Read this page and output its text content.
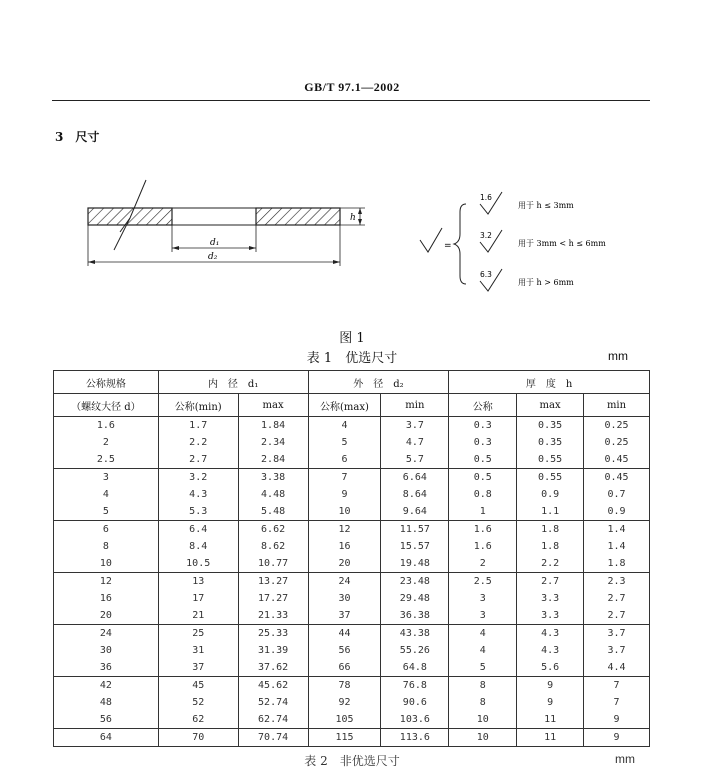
GB/T 97.1—2002
3 尺寸
d₁
d₂
h
=
1.6
用于 h ≤ 3mm
3.2
用于 3mm < h ≤ 6mm
6.3
用于 h > 6mm
图 1
表 1　优选尺寸	mm
公称规格	内　径　d₁		外　径　d₂		厚　度　h		
（螺纹大径 d）	公称(min)	max	公称(max)	min	公称	max	min
1.6	1.7	1.84	4	3.7	0.3	0.35	0.25
2	2.2	2.34	5	4.7	0.3	0.35	0.25
2.5	2.7	2.84	6	5.7	0.5	0.55	0.45
3	3.2	3.38	7	6.64	0.5	0.55	0.45
4	4.3	4.48	9	8.64	0.8	0.9	0.7
5	5.3	5.48	10	9.64	1	1.1	0.9
6	6.4	6.62	12	11.57	1.6	1.8	1.4
8	8.4	8.62	16	15.57	1.6	1.8	1.4
10	10.5	10.77	20	19.48	2	2.2	1.8
12	13	13.27	24	23.48	2.5	2.7	2.3
16	17	17.27	30	29.48	3	3.3	2.7
20	21	21.33	37	36.38	3	3.3	2.7
24	25	25.33	44	43.38	4	4.3	3.7
30	31	31.39	56	55.26	4	4.3	3.7
36	37	37.62	66	64.8	5	5.6	4.4
42	45	45.62	78	76.8	8	9	7
48	52	52.74	92	90.6	8	9	7
56	62	62.74	105	103.6	10	11	9
64	70	70.74	115	113.6	10	11	9
表 2　非优选尺寸	mm
